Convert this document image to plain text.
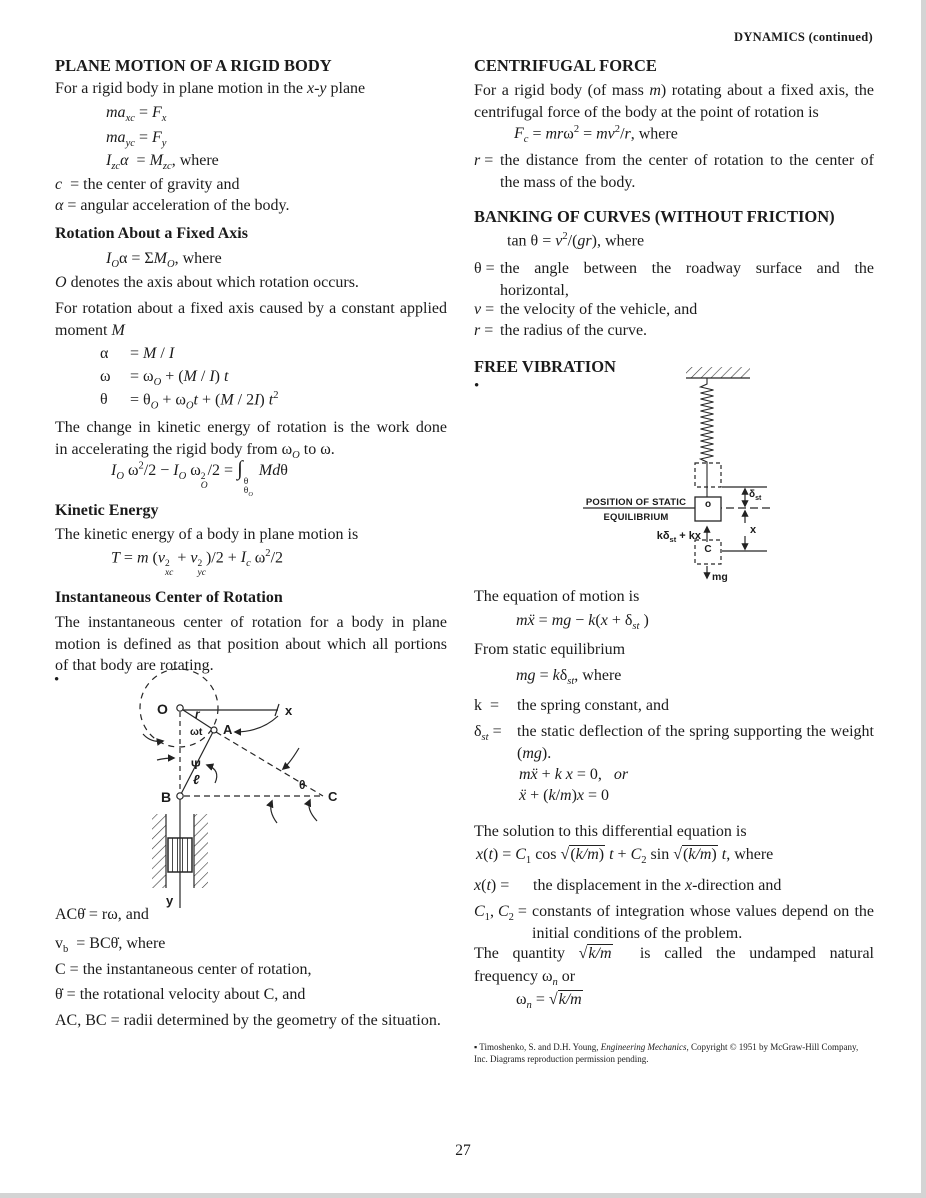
DYNAMICS (continued)
PLANE MOTION OF A RIGID BODY
For a rigid body in plane motion in the x-y plane
$ma_{xc} = F_x$
$ma_{yc} = F_y$
$I_{zc}\alpha = M_{zc}$, where
c  = the center of gravity and
α = angular acceleration of the body.
Rotation About a Fixed Axis
$I_O\alpha = \Sigma M_O$, where
O denotes the axis about which rotation occurs.
For rotation about a fixed axis caused by a constant applied
moment M
α = M / I
$\omega = \omega_O + (M / I)$ t
$\theta = \theta_O + \omega_Ot + (M / 2I)$ $t^2$
The change in kinetic energy of rotation is the work done
in accelerating the rigid body from $\omega_O$ to ω.
$I_O$ $\omega^2/2 - I_O$ ω 2
O
/2 = ∫
θ
$\theta_O$
Mdθ
Kinetic Energy
The kinetic energy of a body in plane motion is
T = m (v 2
xc
+ v 2
yc
)$/2 + I_c$ $\omega^2/2$
Instantaneous Center of Rotation
The instantaneous center of rotation for a body in plane
motion is defined as that position about which all portions
of that body are rotating.
•
O	x
A
r
ωt
Ψ
ℓ
B
θ
C
y
ACθ̇ = rω, and
$v_b$  = BCθ̇, where
C = the instantaneous center of rotation,
θ̇ = the rotational velocity about C, and
AC, BC = radii determined by the geometry of the situation.
CENTRIFUGAL FORCE
For a rigid body (of mass m) rotating about a fixed axis, the
centrifugal force of the body at the point of rotation is
$F_c = mr\omega^2 = mv^2/r$, where
r = the distance from the center of rotation to the center of
the mass of the body.
BANKING OF CURVES (WITHOUT FRICTION)
$\tan \theta = v^2/(gr)$, where
θ = the angle between the roadway surface and the
horizontal,
v = the velocity of the vehicle, and
r = the radius of the curve.
FREE VIBRATION
•
POSITION OF STATIC
EQUILIBRIUM
$k\delta_{st}$ + kx
o
C
mg
$\delta_{st}$
x
The equation of motion is
mẍ = mg − $k(x + \delta_{st}$ )
From static equilibrium
mg = $k\delta_{st}$, where
k  =	the spring constant, and
$\delta_{st}$ = the static deflection of the spring supporting the weight
(mg).
mẍ + k x = 0,   or
ẍ + (k/m)x = 0
The solution to this differential equation is
$x(t) = C_1$ cos √(k/m) $t + C_2$ sin √(k/m) t, where
x(t) =	the displacement in the x-direction and
$C_1$, $C_2$ = constants of integration whose values depend on the
initial conditions of the problem.
The quantity √k/m  is called the undamped natural
frequency $\omega_n$ or
$\omega_n = √k/m$
▪ Timoshenko, S. and D.H. Young, Engineering Mechanics, Copyright © 1951 by McGraw-Hill Company,
Inc. Diagrams reproduction permission pending.
27
